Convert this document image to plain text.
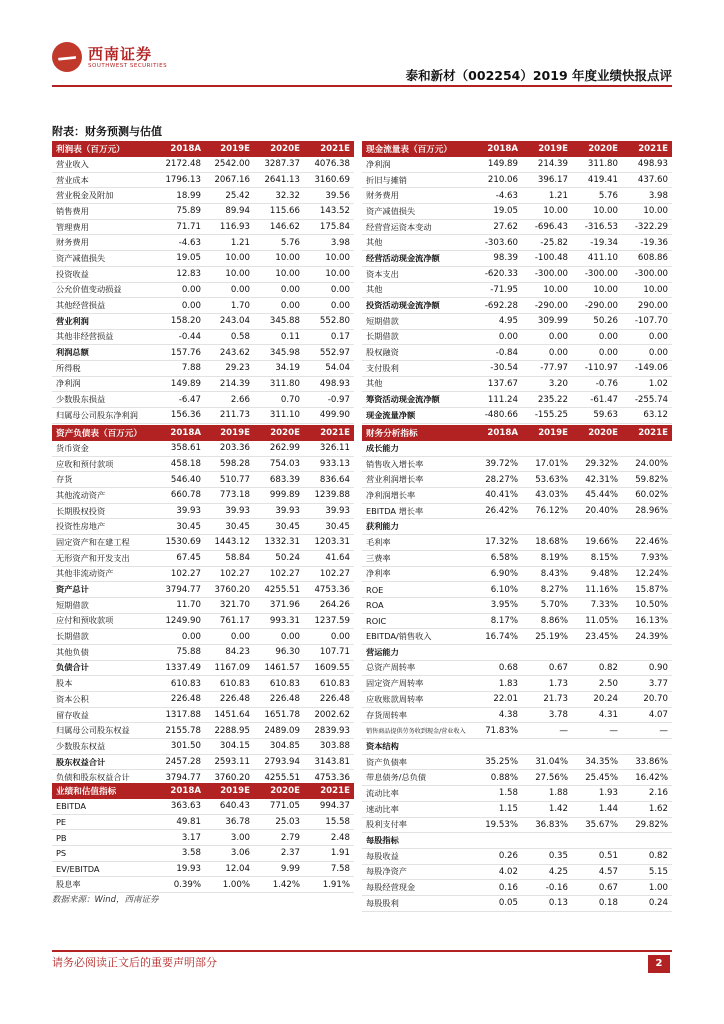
西南证券
SOUTHWEST SECURITIES
泰和新材（002254）2019 年度业绩快报点评
附表：财务预测与估值
利润表（百万元）	2018A	2019E	2020E	2021E
营业收入	2172.48	2542.00	3287.37	4076.38
营业成本	1796.13	2067.16	2641.13	3160.69
营业税金及附加	18.99	25.42	32.32	39.56
销售费用	75.89	89.94	115.66	143.52
管理费用	71.71	116.93	146.62	175.84
财务费用	-4.63	1.21	5.76	3.98
资产减值损失	19.05	10.00	10.00	10.00
投资收益	12.83	10.00	10.00	10.00
公允价值变动损益	0.00	0.00	0.00	0.00
其他经营损益	0.00	1.70	0.00	0.00
营业利润	158.20	243.04	345.88	552.80
其他非经营损益	-0.44	0.58	0.11	0.17
利润总额	157.76	243.62	345.98	552.97
所得税	7.88	29.23	34.19	54.04
净利润	149.89	214.39	311.80	498.93
少数股东损益	-6.47	2.66	0.70	-0.97
归属母公司股东净利润	156.36	211.73	311.10	499.90
现金流量表（百万元）	2018A	2019E	2020E	2021E
净利润	149.89	214.39	311.80	498.93
折旧与摊销	210.06	396.17	419.41	437.60
财务费用	-4.63	1.21	5.76	3.98
资产减值损失	19.05	10.00	10.00	10.00
经营营运资本变动	27.62	-696.43	-316.53	-322.29
其他	-303.60	-25.82	-19.34	-19.36
经营活动现金流净额	98.39	-100.48	411.10	608.86
资本支出	-620.33	-300.00	-300.00	-300.00
其他	-71.95	10.00	10.00	10.00
投资活动现金流净额	-692.28	-290.00	-290.00	290.00
短期借款	4.95	309.99	50.26	-107.70
长期借款	0.00	0.00	0.00	0.00
股权融资	-0.84	0.00	0.00	0.00
支付股利	-30.54	-77.97	-110.97	-149.06
其他	137.67	3.20	-0.76	1.02
筹资活动现金流净额	111.24	235.22	-61.47	-255.74
现金流量净额	-480.66	-155.25	59.63	63.12
资产负债表（百万元）	2018A	2019E	2020E	2021E
货币资金	358.61	203.36	262.99	326.11
应收和预付款项	458.18	598.28	754.03	933.13
存货	546.40	510.77	683.39	836.64
其他流动资产	660.78	773.18	999.89	1239.88
长期股权投资	39.93	39.93	39.93	39.93
投资性房地产	30.45	30.45	30.45	30.45
固定资产和在建工程	1530.69	1443.12	1332.31	1203.31
无形资产和开发支出	67.45	58.84	50.24	41.64
其他非流动资产	102.27	102.27	102.27	102.27
资产总计	3794.77	3760.20	4255.51	4753.36
短期借款	11.70	321.70	371.96	264.26
应付和预收款项	1249.90	761.17	993.31	1237.59
长期借款	0.00	0.00	0.00	0.00
其他负债	75.88	84.23	96.30	107.71
负债合计	1337.49	1167.09	1461.57	1609.55
股本	610.83	610.83	610.83	610.83
资本公积	226.48	226.48	226.48	226.48
留存收益	1317.88	1451.64	1651.78	2002.62
归属母公司股东权益	2155.78	2288.95	2489.09	2839.93
少数股东权益	301.50	304.15	304.85	303.88
股东权益合计	2457.28	2593.11	2793.94	3143.81
负债和股东权益合计	3794.77	3760.20	4255.51	4753.36
财务分析指标	2018A	2019E	2020E	2021E
成长能力				
销售收入增长率	39.72%	17.01%	29.32%	24.00%
营业利润增长率	28.27%	53.63%	42.31%	59.82%
净利润增长率	40.41%	43.03%	45.44%	60.02%
EBITDA 增长率	26.42%	76.12%	20.40%	28.96%
获利能力				
毛利率	17.32%	18.68%	19.66%	22.46%
三费率	6.58%	8.19%	8.15%	7.93%
净利率	6.90%	8.43%	9.48%	12.24%
ROE	6.10%	8.27%	11.16%	15.87%
ROA	3.95%	5.70%	7.33%	10.50%
ROIC	8.17%	8.86%	11.05%	16.13%
EBITDA/销售收入	16.74%	25.19%	23.45%	24.39%
营运能力				
总资产周转率	0.68	0.67	0.82	0.90
固定资产周转率	1.83	1.73	2.50	3.77
应收账款周转率	22.01	21.73	20.24	20.70
存货周转率	4.38	3.78	4.31	4.07
销售商品提供劳务收到现金/营业收入	71.83%	—	—	—
资本结构				
资产负债率	35.25%	31.04%	34.35%	33.86%
带息债务/总负债	0.88%	27.56%	25.45%	16.42%
流动比率	1.58	1.88	1.93	2.16
速动比率	1.15	1.42	1.44	1.62
股利支付率	19.53%	36.83%	35.67%	29.82%
每股指标				
每股收益	0.26	0.35	0.51	0.82
每股净资产	4.02	4.25	4.57	5.15
每股经营现金	0.16	-0.16	0.67	1.00
每股股利	0.05	0.13	0.18	0.24
业绩和估值指标	2018A	2019E	2020E	2021E
EBITDA	363.63	640.43	771.05	994.37
PE	49.81	36.78	25.03	15.58
PB	3.17	3.00	2.79	2.48
PS	3.58	3.06	2.37	1.91
EV/EBITDA	19.93	12.04	9.99	7.58
股息率	0.39%	1.00%	1.42%	1.91%
数据来源：Wind，西南证券
请务必阅读正文后的重要声明部分	2
